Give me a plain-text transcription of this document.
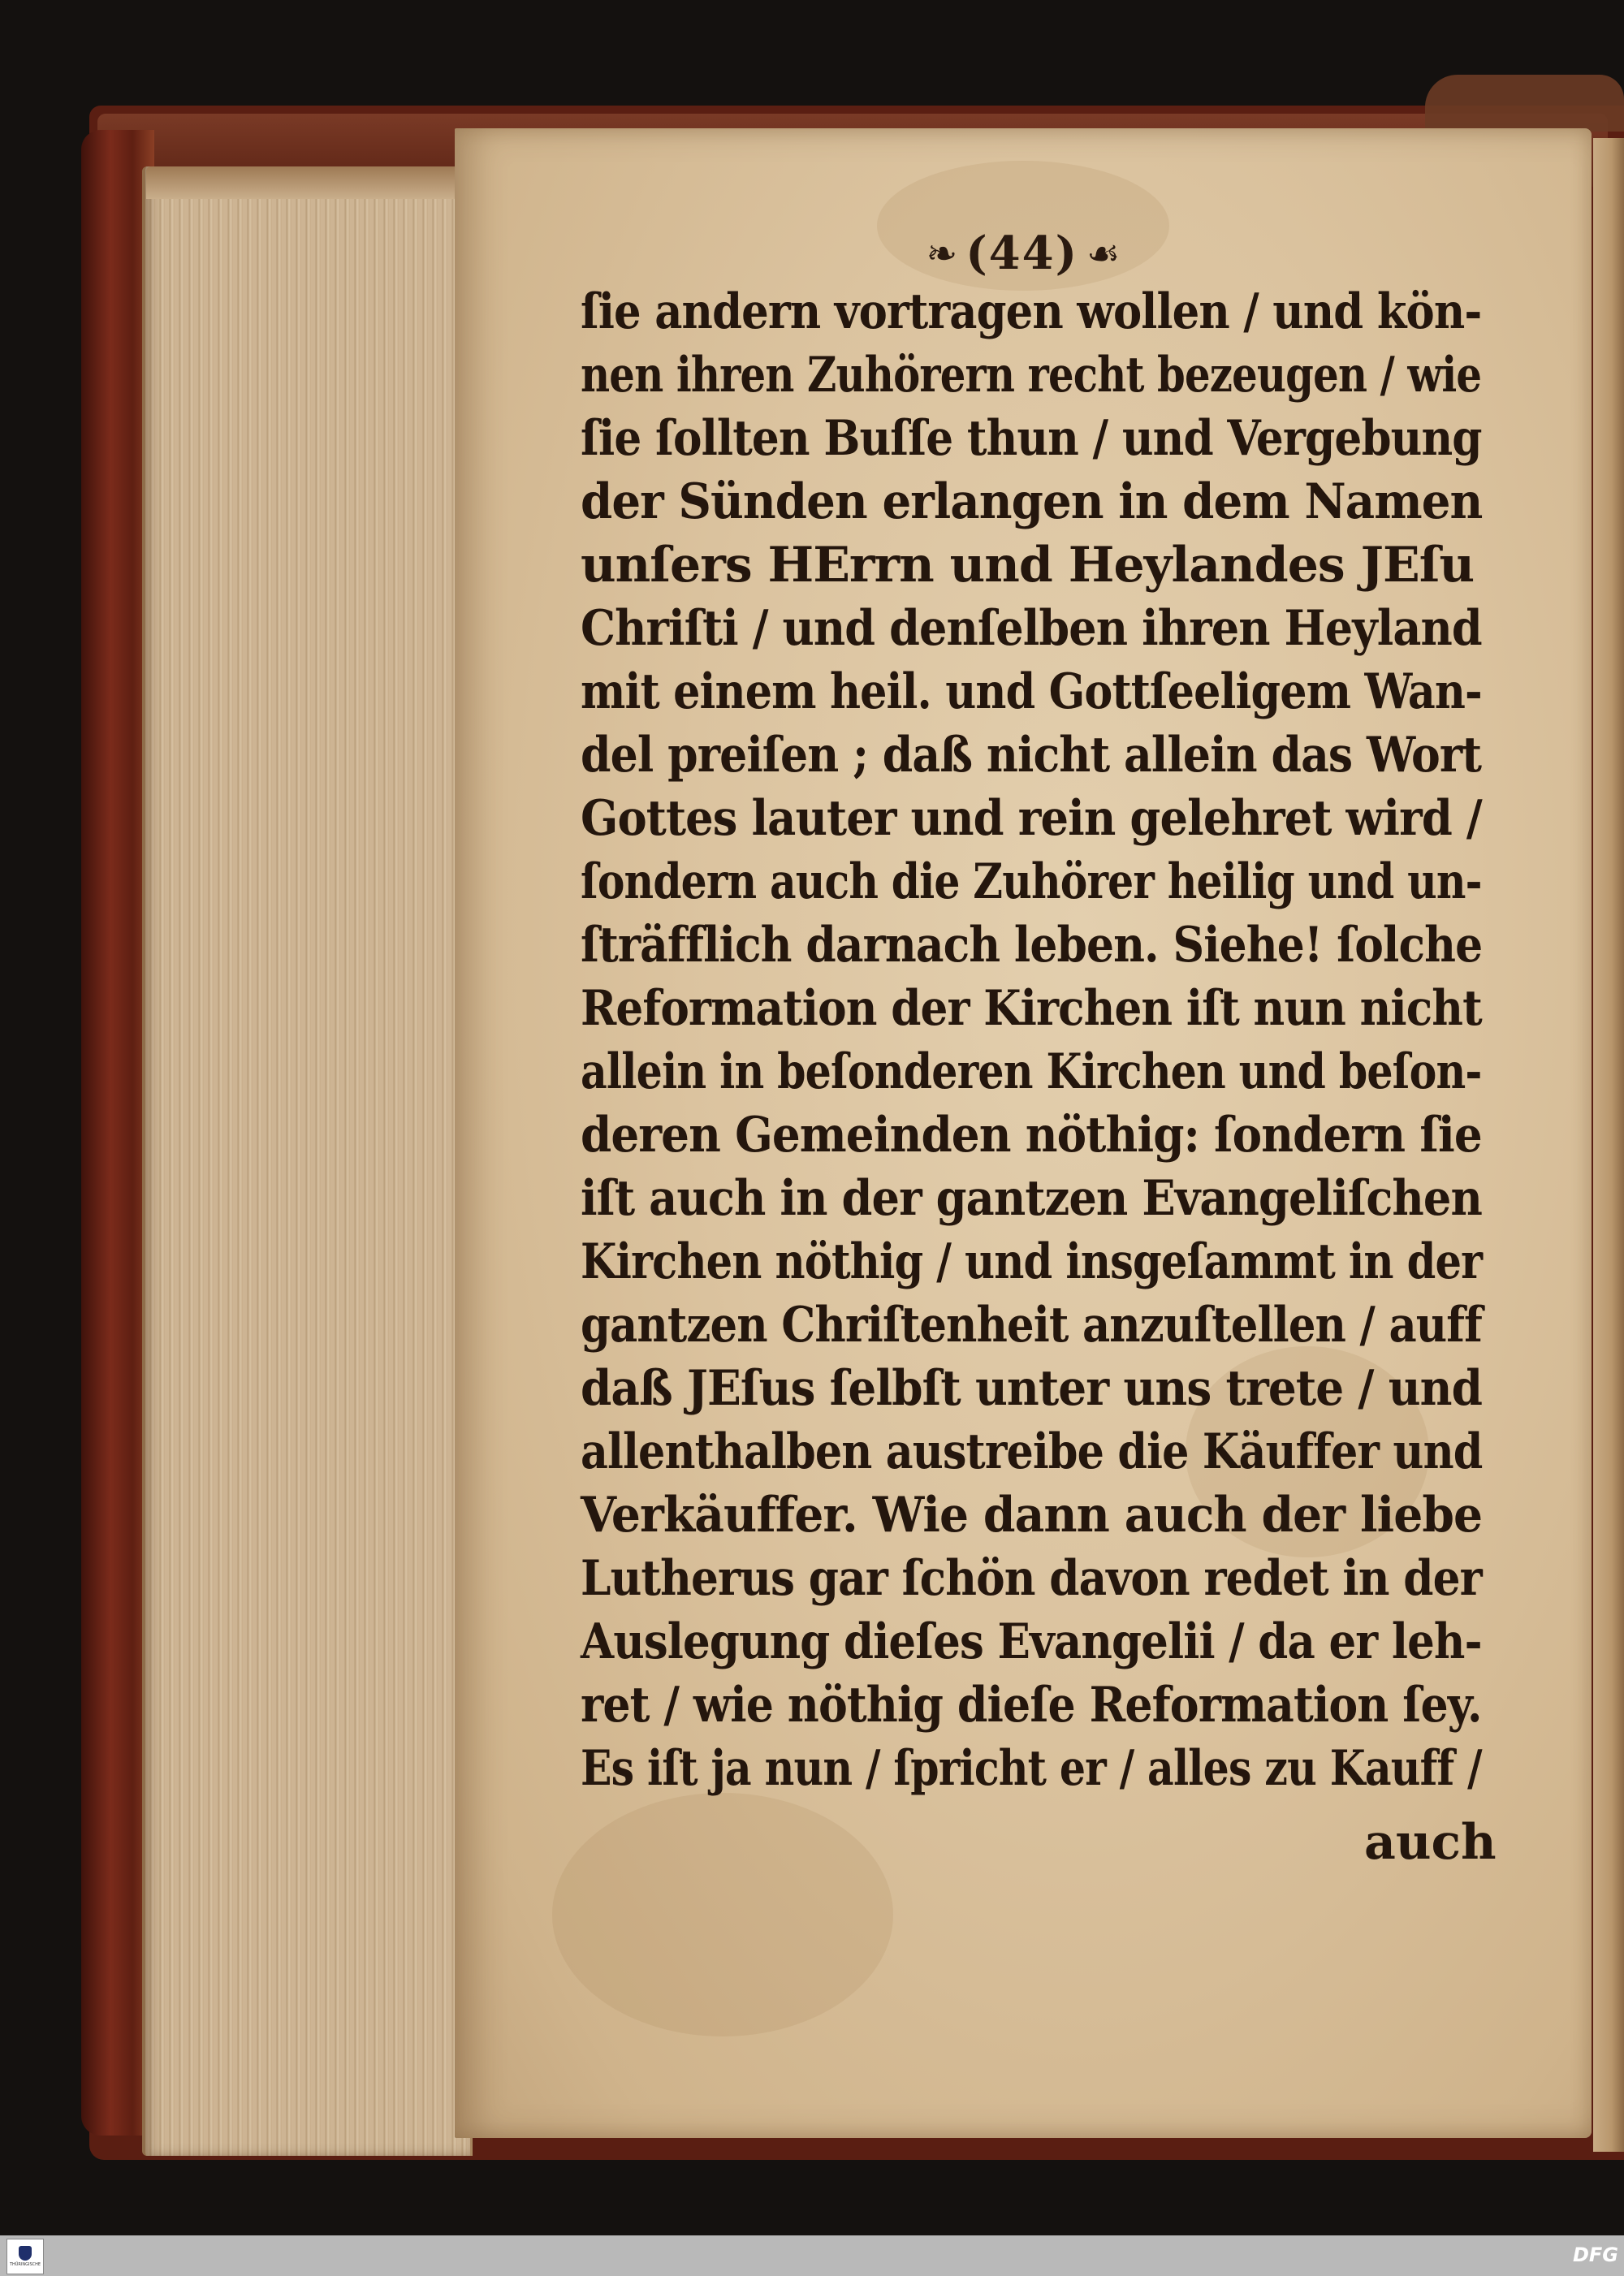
❧ (44) ☙
ſie andern vortragen wollen / und kön-
nen ihren Zuhörern recht bezeugen / wie
ſie ſollten Buſſe thun / und Vergebung
der Sünden erlangen in dem Namen
unſers HErrn und Heylandes JEſu
Chriſti / und denſelben ihren Heyland
mit einem heil. und Gottſeeligem Wan-
del preiſen ; daß nicht allein das Wort
Gottes lauter und rein gelehret wird /
ſondern auch die Zuhörer heilig und un-
ſträfflich darnach leben. Siehe! ſolche
Reformation der Kirchen iſt nun nicht
allein in beſonderen Kirchen und beſon-
deren Gemeinden nöthig: ſondern ſie
iſt auch in der gantzen Evangeliſchen
Kirchen nöthig / und insgeſammt in der
gantzen Chriſtenheit anzuſtellen / auff
daß JEſus ſelbſt unter uns trete / und
allenthalben austreibe die Käuffer und
Verkäuffer. Wie dann auch der liebe
Lutherus gar ſchön davon redet in der
Auslegung dieſes Evangelii / da er leh-
ret / wie nöthig dieſe Reformation ſey.
Es iſt ja nun / ſpricht er / alles zu Kauff /
auch
THÜRINGISCHE	DFG
